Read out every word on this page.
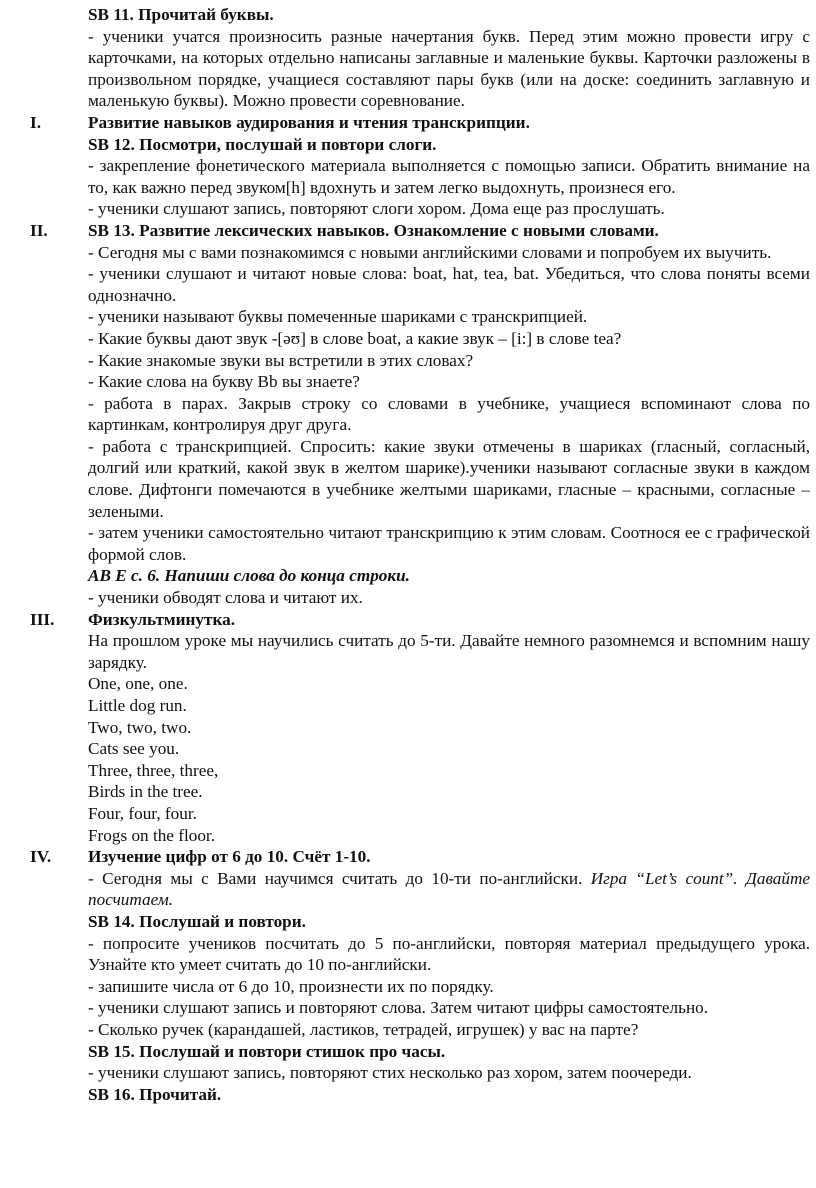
SB 11. Прочитай буквы.

- ученики учатся произносить разные начертания букв. Перед этим можно провести игру с карточками, на которых отдельно написаны заглавные и маленькие буквы. Карточки разложены в произвольном порядке, учащиеся составляют пары букв (или на доске: соединить заглавную и маленькую буквы). Можно провести соревнование.

I.	Развитие навыков аудирования и чтения транскрипции.

SB 12. Посмотри, послушай и повтори слоги.

- закрепление фонетического материала выполняется с помощью записи. Обратить внимание на то, как важно перед звуком[h] вдохнуть и затем легко выдохнуть, произнеся его.

- ученики слушают запись, повторяют слоги хором. Дома еще раз прослушать.

II.	SB 13. Развитие лексических навыков. Ознакомление с новыми словами.

- Сегодня мы с вами познакомимся с новыми английскими словами и попробуем их выучить.

- ученики слушают и читают новые слова: boat, hat, tea, bat. Убедиться, что слова поняты всеми однозначно.

- ученики называют буквы помеченные шариками с транскрипцией.

- Какие буквы дают звук -[əʊ] в слове boat, а какие звук – [i:] в слове tea?

- Какие знакомые звуки вы встретили в этих словах?

- Какие слова на букву Bb вы знаете?

- работа в парах. Закрыв строку со словами в учебнике, учащиеся вспоминают слова по картинкам, контролируя друг друга.

- работа с транскрипцией. Спросить: какие звуки отмечены в шариках (гласный, согласный, долгий или краткий, какой звук в желтом шарике).ученики называют согласные звуки в каждом слове. Дифтонги помечаются в учебнике желтыми шариками, гласные – красными, согласные – зелеными.

- затем ученики самостоятельно читают транскрипцию к этим словам. Соотнося ее с графической формой слов.

AB E с. 6. Напиши слова до конца строки.

- ученики обводят слова и читают их.

III.	Физкультминутка.

На прошлом уроке мы научились считать до 5-ти. Давайте немного разомнемся и вспомним нашу зарядку.

One, one, one.

Little dog run.

Two, two, two.

Cats see you.

Three, three, three,

Birds in the tree.

Four, four, four.

Frogs on the floor.

IV.	Изучение цифр от 6 до 10. Счёт 1-10.

- Сегодня мы с Вами научимся считать до 10-ти по-английски. Игра “Let’s count”. Давайте посчитаем.

SB 14. Послушай и повтори.

- попросите учеников посчитать до 5 по-английски, повторяя материал предыдущего урока. Узнайте кто умеет считать до 10 по-английски.

- запишите числа от 6 до 10, произнести их по порядку.

- ученики слушают запись и повторяют слова. Затем читают цифры самостоятельно.

- Сколько ручек (карандашей, ластиков, тетрадей, игрушек) у вас на парте?

SB 15. Послушай и повтори стишок про часы.

- ученики слушают запись, повторяют стих несколько раз хором, затем поочереди.

SB 16. Прочитай.
